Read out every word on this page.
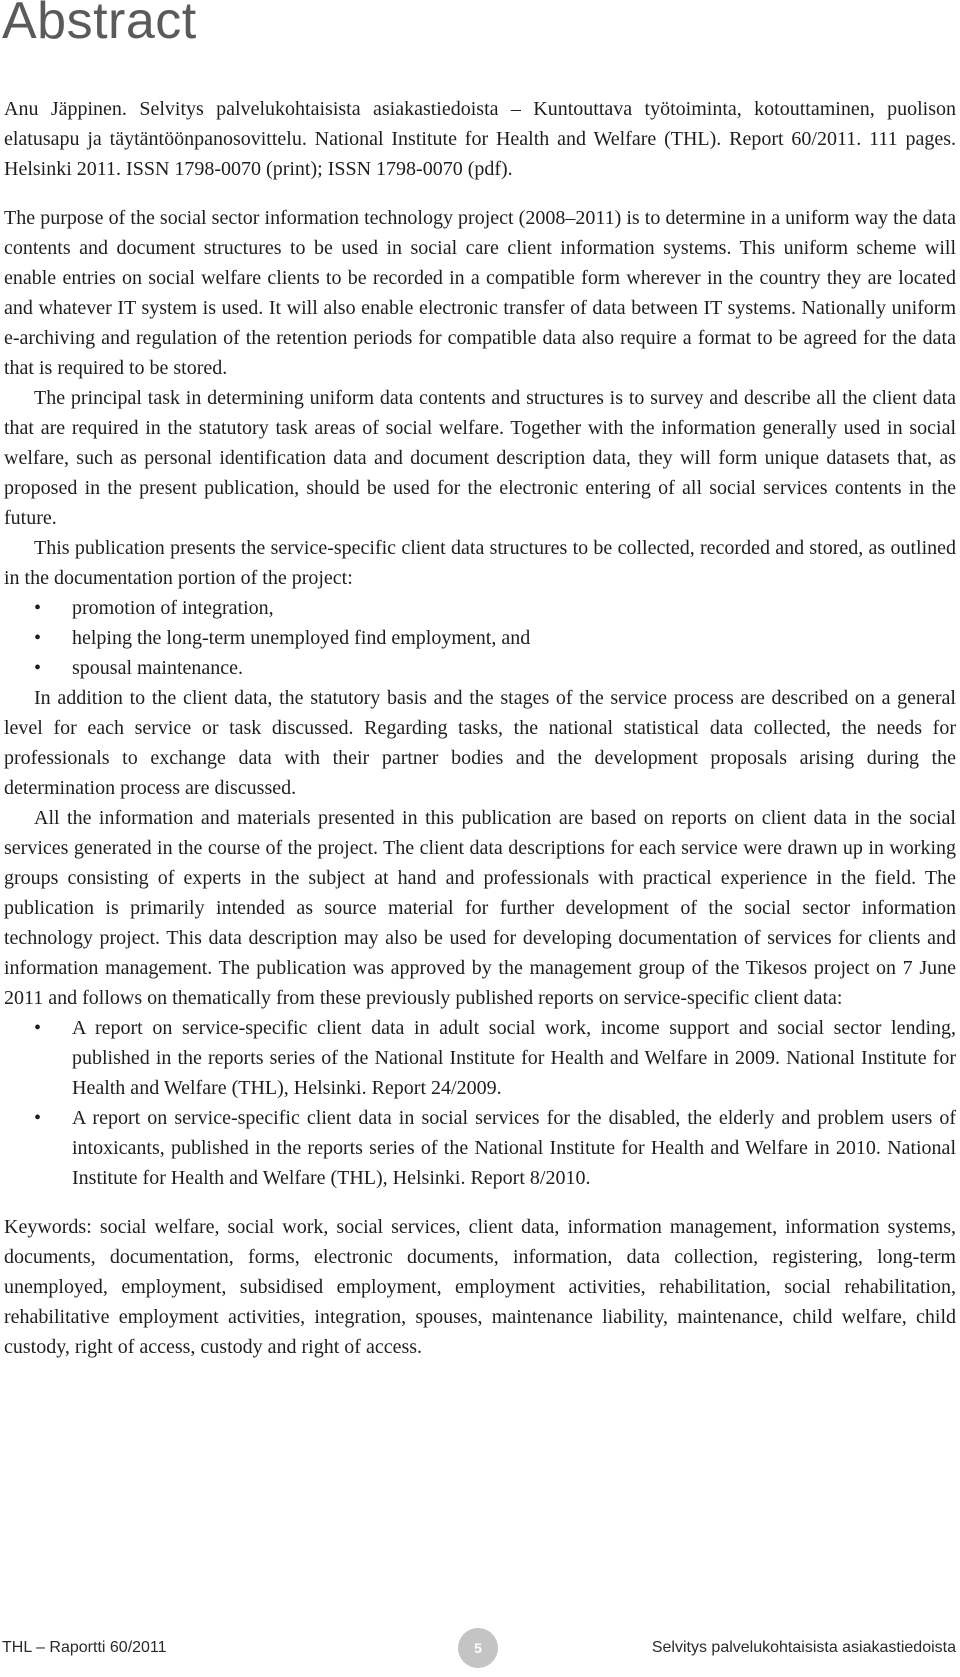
Abstract

Anu Jäppinen. Selvitys palvelukohtaisista asiakastiedoista – Kuntouttava työtoiminta, kotouttaminen, puolison elatusapu ja täytäntöönpanosovittelu. National Institute for Health and Welfare (THL). Report 60/2011. 111 pages. Helsinki 2011. ISSN 1798-0070 (print); ISSN 1798-0070 (pdf).

The purpose of the social sector information technology project (2008–2011) is to determine in a uniform way the data contents and document structures to be used in social care client information systems. This uniform scheme will enable entries on social welfare clients to be recorded in a compatible form wherever in the country they are located and whatever IT system is used. It will also enable electronic transfer of data between IT systems. Nationally uniform e-archiving and regulation of the retention periods for compatible data also require a format to be agreed for the data that is required to be stored.

The principal task in determining uniform data contents and structures is to survey and describe all the client data that are required in the statutory task areas of social welfare. Together with the information generally used in social welfare, such as personal identification data and document description data, they will form unique datasets that, as proposed in the present publication, should be used for the electronic entering of all social services contents in the future.

This publication presents the service-specific client data structures to be collected, recorded and stored, as outlined in the documentation portion of the project:

• promotion of integration,
• helping the long-term unemployed find employment, and
• spousal maintenance.

In addition to the client data, the statutory basis and the stages of the service process are described on a general level for each service or task discussed. Regarding tasks, the national statistical data collected, the needs for professionals to exchange data with their partner bodies and the development proposals arising during the determination process are discussed.

All the information and materials presented in this publication are based on reports on client data in the social services generated in the course of the project. The client data descriptions for each service were drawn up in working groups consisting of experts in the subject at hand and professionals with practical experience in the field. The publication is primarily intended as source material for further development of the social sector information technology project. This data description may also be used for developing documentation of services for clients and information management. The publication was approved by the management group of the Tikesos project on 7 June 2011 and follows on thematically from these previously published reports on service-specific client data:

• A report on service-specific client data in adult social work, income support and social sector lending, published in the reports series of the National Institute for Health and Welfare in 2009. National Institute for Health and Welfare (THL), Helsinki. Report 24/2009.
• A report on service-specific client data in social services for the disabled, the elderly and problem users of intoxicants, published in the reports series of the National Institute for Health and Welfare in 2010. National Institute for Health and Welfare (THL), Helsinki. Report 8/2010.

Keywords: social welfare, social work, social services, client data, information management, information systems, documents, documentation, forms, electronic documents, information, data collection, registering, long-term unemployed, employment, subsidised employment, employment activities, rehabilitation, social rehabilitation, rehabilitative employment activities, integration, spouses, maintenance liability, maintenance, child welfare, child custody, right of access, custody and right of access.

THL – Raportti 60/2011	5	Selvitys palvelukohtaisista asiakastiedoista
